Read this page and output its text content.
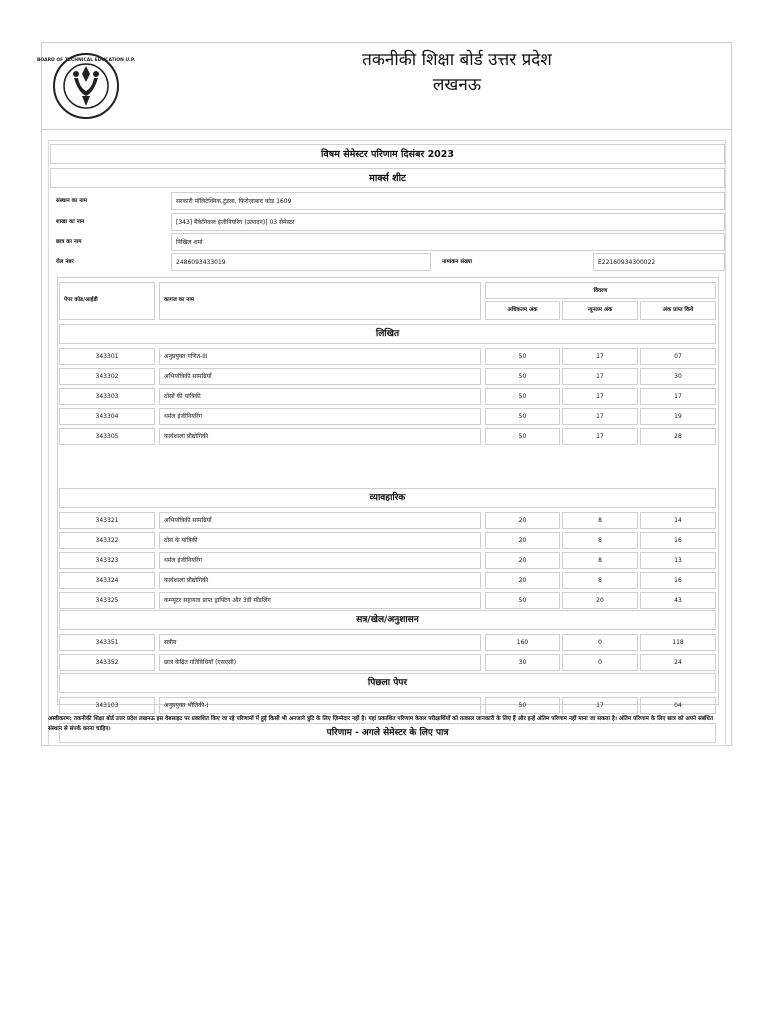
BOARD OF TECHNICAL EDUCATION U.P.	तकनीकी शिक्षा बोर्ड उत्तर प्रदेश
लखनऊ
विषम सेमेस्टर परिणाम दिसंबर 2023
मार्क्स शीट
संस्थान का नाम	सरकारी पॉलिटेक्निक,टुंडला, फिरोज़ाबाद कोड 1609
शाखा का नाम	[343] मैकेनिकल इंजीनियरिंग (उत्पादन)] 03 सेमेस्टर
छात्र का नाम	निखिल शर्मा
रोल नंबर	2486093433019	नामांकन संख्या	E22160934300022
पेपर कोड/आईडी	कागज का नाम
विवरण
अधिकतम अंक	न्यूनतम अंक	अंक प्राप्त किये
लिखित
343301	अनुप्रयुक्त गणित-III	50	17	07
343302	अभियांत्रिकी सामग्रियाँ	50	17	30
343303	ठोसों की यांत्रिकी	50	17	17
343304	थर्मल इंजीनियरिंग	50	17	19
343305	कार्यशाला प्रौद्योगिकी	50	17	28
व्यावहारिक
343321	अभियांत्रिकी सामग्रियाँ	20	8	14
343322	ठोस के यांत्रिकी	20	8	16
343323	थर्मल इंजीनियरिंग	20	8	13
343324	कार्यशाला प्रौद्योगिकी	20	8	16
343325	कम्प्यूटर सहायता प्राप्त ड्राफ्टिंग और 3डी मॉडलिंग	50	20	43
सत्र/खेल/अनुशासन
343351	सत्रीय	160	0	118
343352	छात्र केंद्रित गतिविधियाँ (एसएसी)	30	0	24
पिछला पेपर
343103	अनुप्रयुक्त भौतिकी-I	50	17	04
परिणाम - अगले सेमेस्टर के लिए पात्र
अस्वीकरण: तकनीकी शिक्षा बोर्ड उत्तर प्रदेश लखनऊ इस वेबसाइट पर प्रकाशित किए जा रहे परिणामों में हुई किसी भी अनजाने त्रुटि के लिए ज़िम्मेदार नहीं है। यहां प्रकाशित परिणाम केवल परीक्षार्थियों को तत्काल जानकारी के लिए हैं और इन्हें अंतिम परिणाम नहीं माना जा सकता है। अंतिम परिणाम के लिए छात्र को अपने संबंधित संस्थान से संपर्क करना चाहिए।
